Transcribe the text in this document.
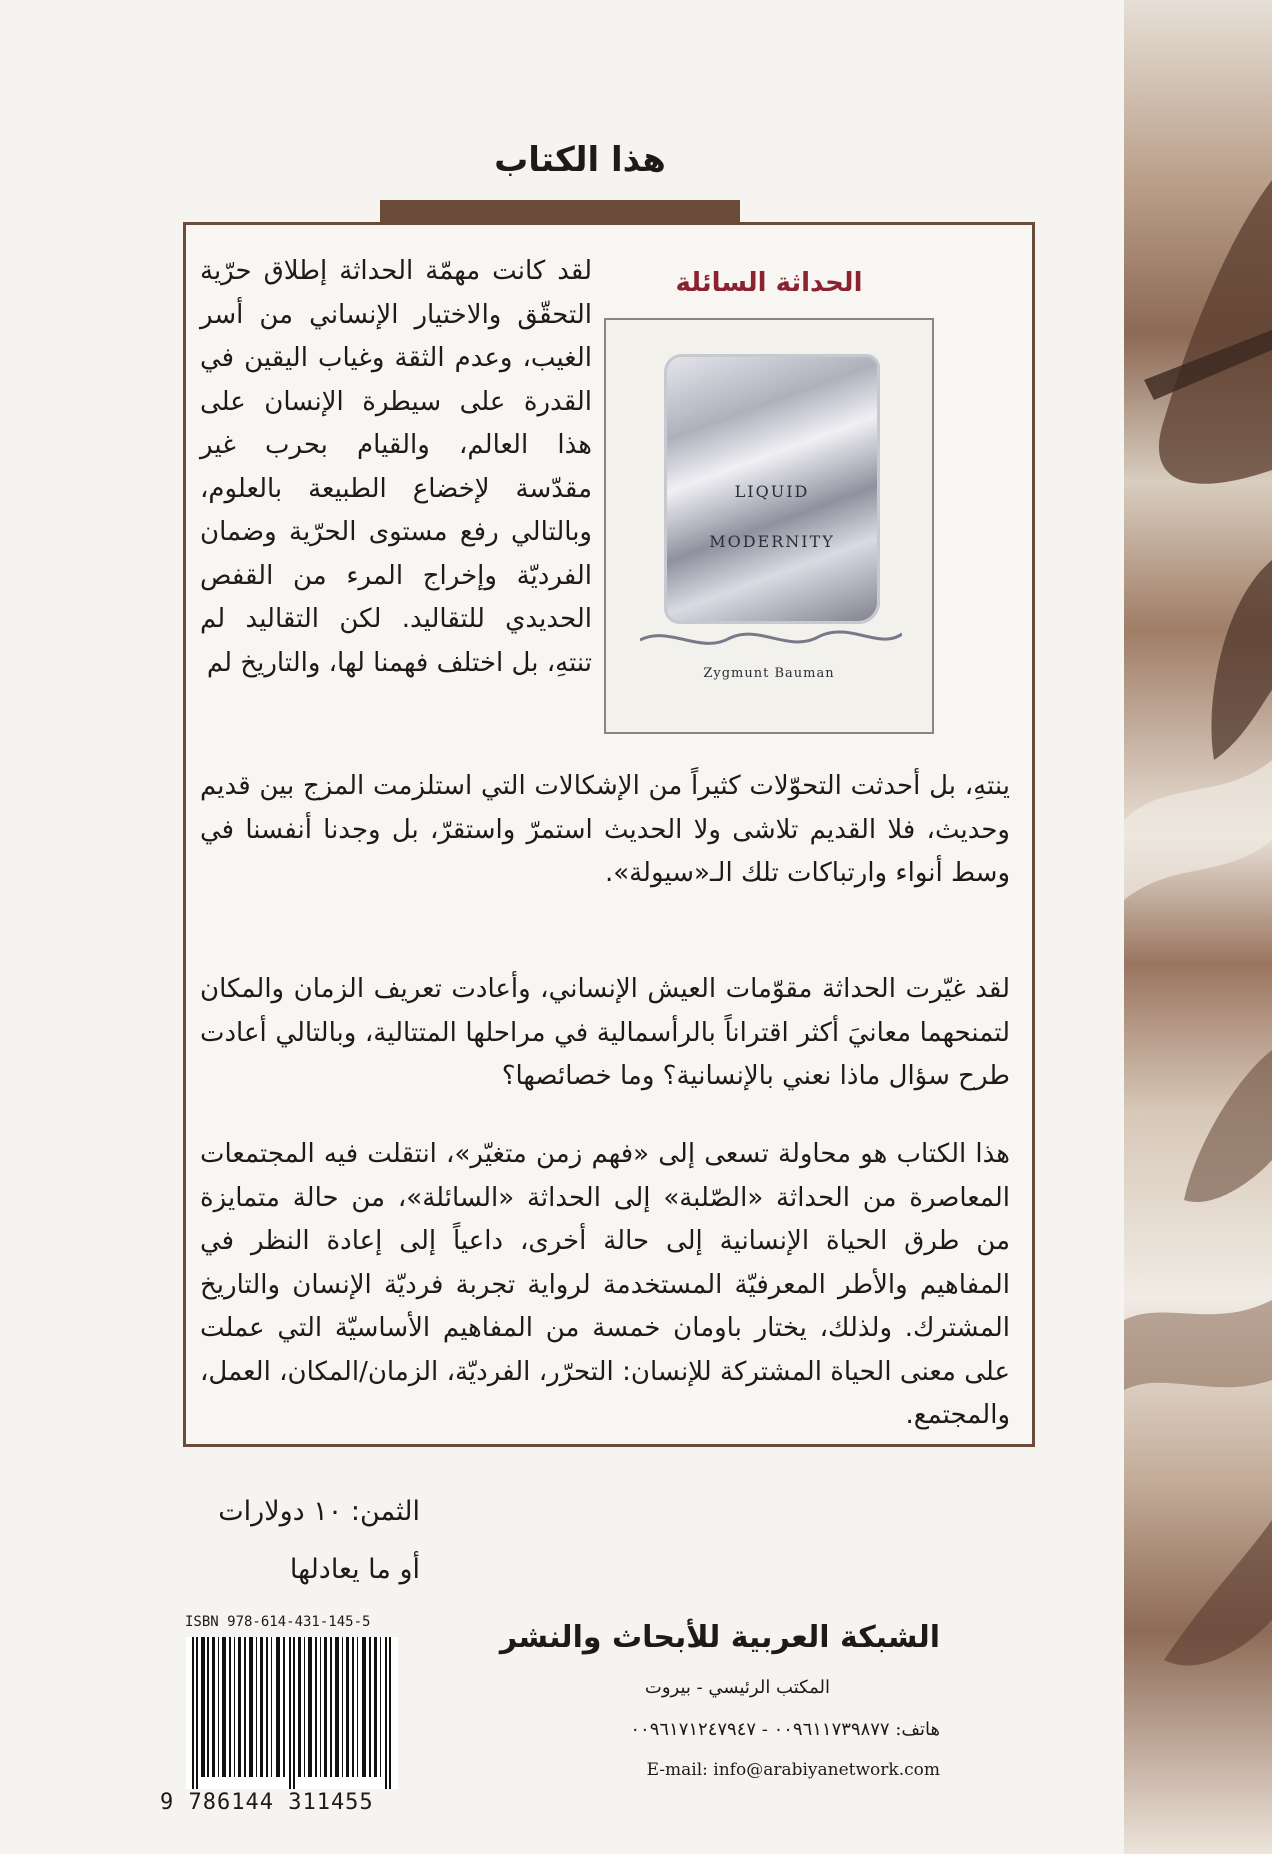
هذا الكتاب
الحداثة السائلة
LIQUID
MODERNITY
Zygmunt Bauman

لقد كانت مهمّة الحداثة إطلاق حرّية التحقّق والاختيار الإنساني من أسر الغيب، وعدم الثقة وغياب اليقين في القدرة على سيطرة الإنسان على هذا العالم، والقيام بحرب غير مقدّسة لإخضاع الطبيعة بالعلوم، وبالتالي رفع مستوى الحرّية وضمان الفرديّة وإخراج المرء من القفص الحديدي للتقاليد. لكن التقاليد لم تنتهِ، بل اختلف فهمنا لها، والتاريخ لم

ينتهِ، بل أحدثت التحوّلات كثيراً من الإشكالات التي استلزمت المزج بين قديم وحديث، فلا القديم تلاشى ولا الحديث استمرّ واستقرّ، بل وجدنا أنفسنا في وسط أنواء وارتباكات تلك الـ«سيولة».

لقد غيّرت الحداثة مقوّمات العيش الإنساني، وأعادت تعريف الزمان والمكان لتمنحهما معانيَ أكثر اقتراناً بالرأسمالية في مراحلها المتتالية، وبالتالي أعادت طرح سؤال ماذا نعني بالإنسانية؟ وما خصائصها؟

هذا الكتاب هو محاولة تسعى إلى «فهم زمن متغيّر»، انتقلت فيه المجتمعات المعاصرة من الحداثة «الصّلبة» إلى الحداثة «السائلة»، من حالة متمايزة من طرق الحياة الإنسانية إلى حالة أخرى، داعياً إلى إعادة النظر في المفاهيم والأطر المعرفيّة المستخدمة لرواية تجربة فرديّة الإنسان والتاريخ المشترك. ولذلك، يختار باومان خمسة من المفاهيم الأساسيّة التي عملت على معنى الحياة المشتركة للإنسان: التحرّر، الفرديّة، الزمان/المكان، العمل، والمجتمع.

الثمن: ١٠ دولارات
أو ما يعادلها
ISBN 978-614-431-145-5
9 786144 311455

الشبكة العربية للأبحاث والنشر

المكتب الرئيسي - بيروت
هاتف: ٠٠٩٦١١٧٣٩٨٧٧ - ٠٠٩٦١٧١٢٤٧٩٤٧
E-mail: info@arabiyanetwork.com
